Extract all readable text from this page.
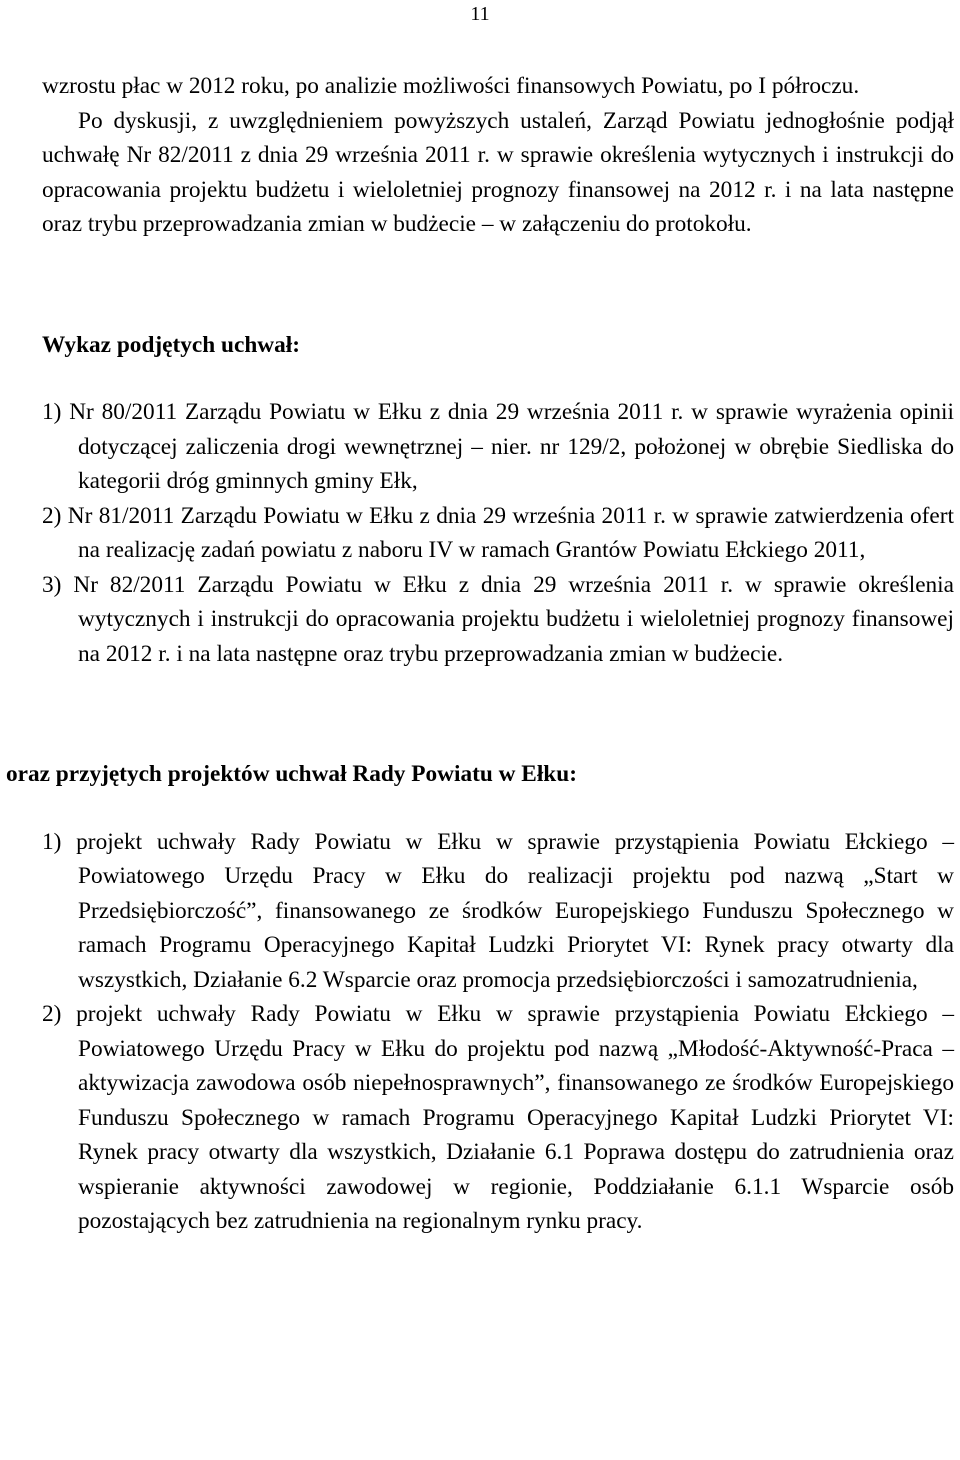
11

wzrostu płac w 2012 roku, po analizie możliwości finansowych Powiatu, po I półroczu.

Po dyskusji, z uwzględnieniem powyższych ustaleń, Zarząd Powiatu jednogłośnie podjął uchwałę Nr 82/2011 z dnia 29 września 2011 r. w sprawie określenia wytycznych i instrukcji do opracowania projektu budżetu i wieloletniej prognozy finansowej na 2012 r. i na lata następne oraz trybu przeprowadzania zmian w budżecie – w załączeniu do protokołu.

Wykaz podjętych uchwał:

1) Nr 80/2011 Zarządu Powiatu w Ełku z dnia 29 września 2011 r. w sprawie wyrażenia opinii dotyczącej zaliczenia drogi wewnętrznej – nier. nr 129/2, położonej w obrębie Siedliska do kategorii dróg gminnych gminy Ełk,

2) Nr 81/2011 Zarządu Powiatu w Ełku z dnia 29 września 2011 r. w sprawie zatwierdzenia ofert na realizację zadań powiatu z naboru IV w ramach Grantów Powiatu Ełckiego 2011,

3) Nr 82/2011 Zarządu Powiatu w Ełku z dnia 29 września 2011 r. w sprawie określenia wytycznych i instrukcji do opracowania projektu budżetu i wieloletniej prognozy finansowej na 2012 r. i na lata następne oraz trybu przeprowadzania zmian w budżecie.

oraz przyjętych projektów uchwał Rady Powiatu w Ełku:

1) projekt uchwały Rady Powiatu w Ełku w sprawie przystąpienia Powiatu Ełckiego – Powiatowego Urzędu Pracy w Ełku do realizacji projektu pod nazwą „Start w Przedsiębiorczość”, finansowanego ze środków Europejskiego Funduszu Społecznego w ramach Programu Operacyjnego Kapitał Ludzki Priorytet VI: Rynek pracy otwarty dla wszystkich, Działanie 6.2 Wsparcie oraz promocja przedsiębiorczości i samozatrudnienia,

2) projekt uchwały Rady Powiatu w Ełku w sprawie przystąpienia Powiatu Ełckiego – Powiatowego Urzędu Pracy w Ełku do projektu pod nazwą „Młodość-Aktywność-Praca – aktywizacja zawodowa osób niepełnosprawnych”, finansowanego ze środków Europejskiego Funduszu Społecznego w ramach Programu Operacyjnego Kapitał Ludzki Priorytet VI: Rynek pracy otwarty dla wszystkich, Działanie 6.1 Poprawa dostępu do zatrudnienia oraz wspieranie aktywności zawodowej w regionie, Poddziałanie 6.1.1 Wsparcie osób pozostających bez zatrudnienia na regionalnym rynku pracy.
